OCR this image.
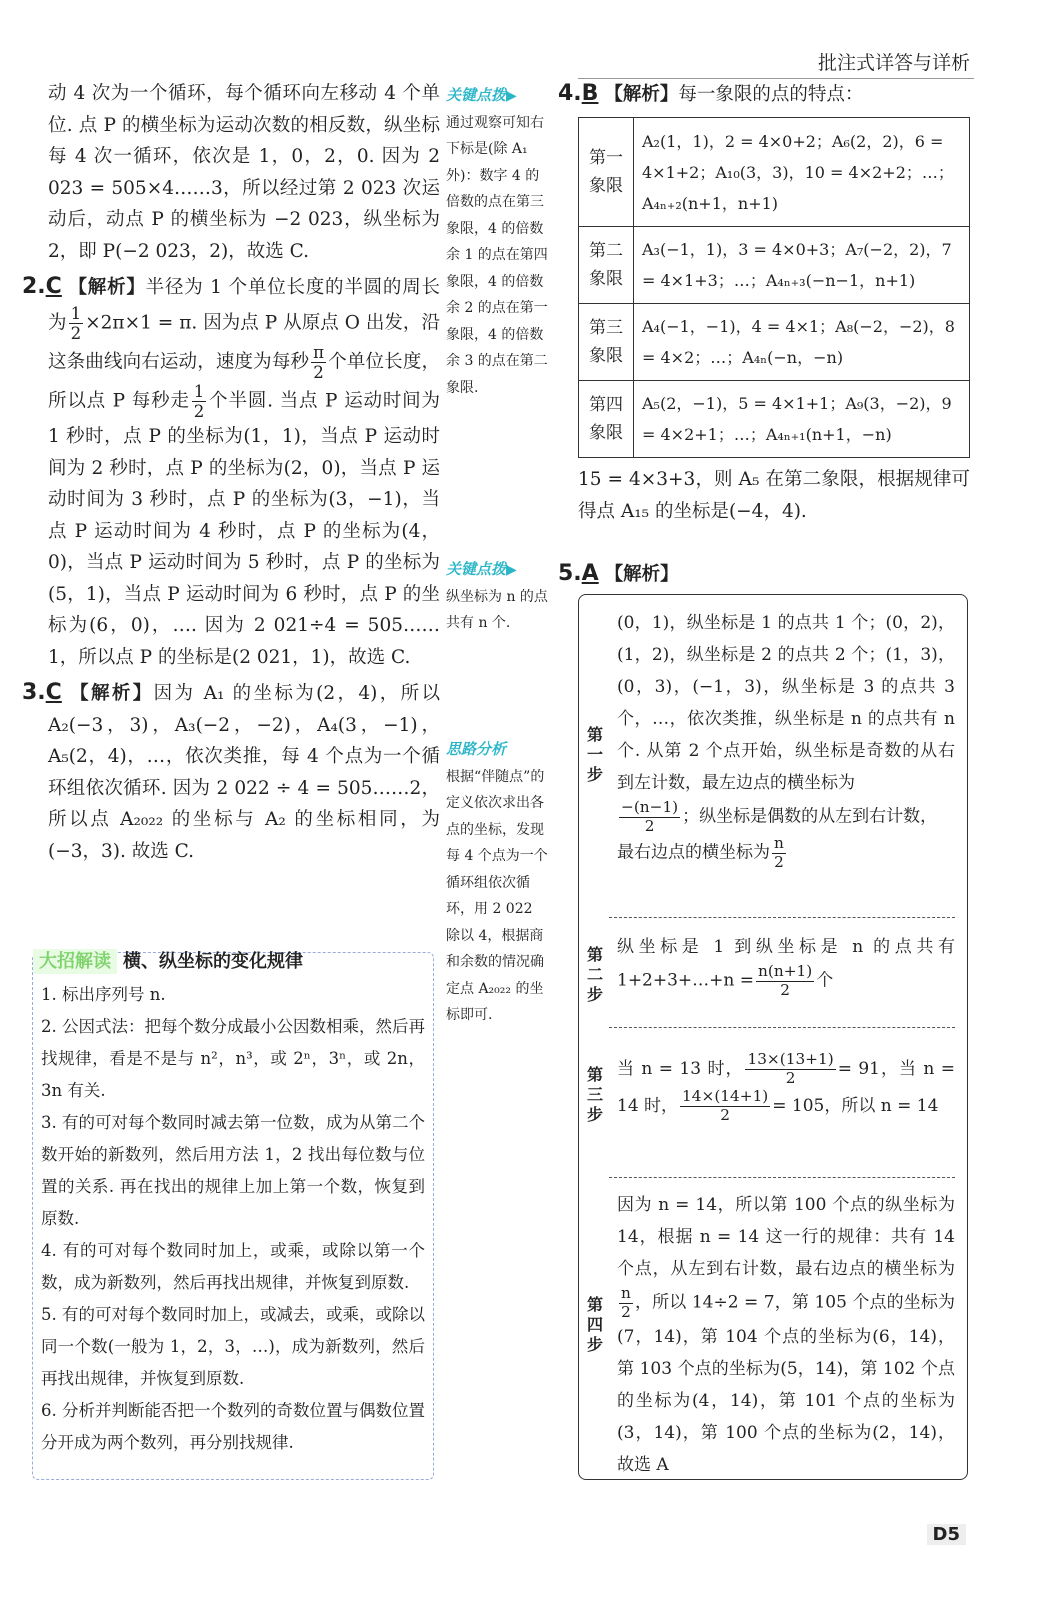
批注式详答与详析

动 4 次为一个循环，每个循环向左移动 4 个单位. 点 P 的横坐标为运动次数的相反数，纵坐标每 4 次一循环，依次是 1，0，2，0. 因为 2 023 = 505×4……3，所以经过第 2 023 次运动后，动点 P 的横坐标为 −2 023，纵坐标为 2，即 P(−2 023，2)，故选 C.

2.C 【解析】半径为 1 个单位长度的半圆的周长为 $\frac{1}{2} \times 2\pi\times 1 = \pi$. 因为点 P 从原点 O 出发，沿这条曲线向右运动，速度为每秒 $\frac{\pi}{2}$ 个单位长度，所以点 P 每秒走 $\frac{1}{2}$ 个半圆. 当点 P 运动时间为 1 秒时，点 P 的坐标为(1，1)，当点 P 运动时间为 2 秒时，点 P 的坐标为(2，0)，当点 P 运动时间为 3 秒时，点 P 的坐标为(3，−1)，当点 P 运动时间为 4 秒时，点 P 的坐标为(4，0)，当点 P 运动时间为 5 秒时，点 P 的坐标为(5，1)，当点 P 运动时间为 6 秒时，点 P 的坐标为(6，0)，…. 因为 2 021÷4 = 505……1，所以点 P 的坐标是(2 021，1)，故选 C.

3.C 【解析】因为 A₁ 的坐标为(2，4)，所以 A₂(−3，3)，A₃(−2，−2)，A₄(3，−1)，A₅(2，4)，…，依次类推，每 4 个点为一个循环组依次循环. 因为 2 022 ÷ 4 = 505……2，所以点 A₂₀₂₂ 的坐标与 A₂ 的坐标相同，为(−3，3). 故选 C.

大招解读 横、纵坐标的变化规律
1. 标出序列号 n.
2. 公因式法：把每个数分成最小公因数相乘，然后再找规律，看是不是与 n²，n³，或 2ⁿ，3ⁿ，或 2n，3n 有关.
3. 有的可对每个数同时减去第一位数，成为从第二个数开始的新数列，然后用方法 1，2 找出每位数与位置的关系. 再在找出的规律上加上第一个数，恢复到原数.
4. 有的可对每个数同时加上，或乘，或除以第一个数，成为新数列，然后再找出规律，并恢复到原数.
5. 有的可对每个数同时加上，或减去，或乘，或除以同一个数(一般为 1，2，3，…)，成为新数列，然后再找出规律，并恢复到原数.
6. 分析并判断能否把一个数列的奇数位置与偶数位置分开成为两个数列，再分别找规律.
关键点拨▶
通过观察可知右下标是(除 A₁ 外)：数字 4 的倍数的点在第三象限，4 的倍数余 1 的点在第四象限，4 的倍数余 2 的点在第一象限，4 的倍数余 3 的点在第二象限.
关键点拨▶
纵坐标为 n 的点共有 n 个.
思路分析
根据“伴随点”的定义依次求出各点的坐标，发现每 4 个点为一个循环组依次循环，用 2 022 除以 4，根据商和余数的情况确定点 A₂₀₂₂ 的坐标即可.
4.B 【解析】每一象限的点的特点：
第一象限	A₂(1，1)，2 = 4×0+2；A₆(2，2)，6 = 4×1+2；A₁₀(3，3)，10 = 4×2+2；…；A₄ₙ₊₂(n+1，n+1)
第二象限	A₃(−1，1)，3 = 4×0+3；A₇(−2，2)，7 = 4×1+3；…；A₄ₙ₊₃(−n−1，n+1)
第三象限	A₄(−1，−1)，4 = 4×1；A₈(−2，−2)，8 = 4×2；…；A₄ₙ(−n，−n)
第四象限	A₅(2，−1)，5 = 4×1+1；A₉(3，−2)，9 = 4×2+1；…；A₄ₙ₊₁(n+1，−n)
15 = 4×3+3，则 A₅ 在第二象限，根据规律可得点 A₁₅ 的坐标是(−4，4).
5.A 【解析】
第一步
(0，1)，纵坐标是 1 的点共 1 个；(0，2)，(1，2)，纵坐标是 2 的点共 2 个；(1，3)，(0，3)，(−1，3)，纵坐标是 3 的点共 3 个，…，依次类推，纵坐标是 n 的点共有 n 个. 从第 2 个点开始，纵坐标是奇数的从右到左计数，最左边点的横坐标为

$\frac{-(n-1)}{2}$ ；纵坐标是偶数的从左到右计数，
最右边点的横坐标为 $\frac{n}{2}$
第二步
纵坐标是 1 到纵坐标是 n 的点共有 1+2+3+…+n = $\frac{n(n+1)}{2}$ 个
第三步
当 n = 13 时， $\frac{13\times(13+1)}{2} = 91$，当 n = 14 时， $\frac{14\times(14+1)}{2} = 105$，所以 n = 14
第四步
因为 n = 14，所以第 100 个点的纵坐标为 14，根据 n = 14 这一行的规律：共有 14 个点，从左到右计数，最右边点的横坐标为
$\frac{n}{2}$ ，所以 14÷2 = 7，第 105 个点的坐标为(7，14)，第 104 个点的坐标为(6，14)，第 103 个点的坐标为(5，14)，第 102 个点的坐标为(4，14)，第 101 个点的坐标为(3，14)，第 100 个点的坐标为(2，14)，故选 A
D5
